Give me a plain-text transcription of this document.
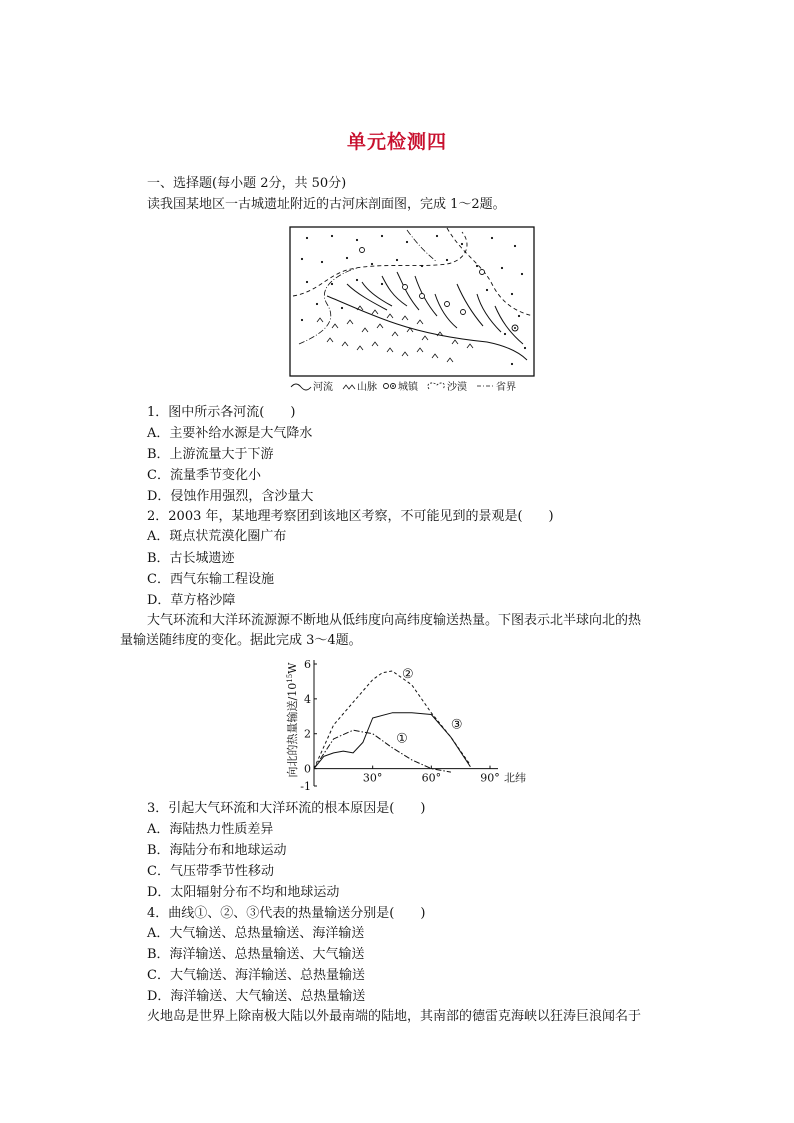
单元检测四
一、选择题(每小题 2分，共 50分)
读我国某地区一古城遗址附近的古河床剖面图，完成 1～2题。
河流 山脉 城镇	沙漠	省界
1．图中所示各河流(　　)
A．主要补给水源是大气降水
B．上游流量大于下游
C．流量季节变化小
D．侵蚀作用强烈，含沙量大
2．2003 年，某地理考察团到该地区考察，不可能见到的景观是(　　)
A．斑点状荒漠化圈广布
B．古长城遗迹
C．西气东输工程设施
D．草方格沙障
大气环流和大洋环流源源不断地从低纬度向高纬度输送热量。下图表示北半球向北的热
量输送随纬度的变化。据此完成 3～4题。
向北的热量输送$/10^{15}W$ 6
4
2
0
-1
30°	60°	90° 北纬
①
②
③
3．引起大气环流和大洋环流的根本原因是(　　)
A．海陆热力性质差异
B．海陆分布和地球运动
C．气压带季节性移动
D．太阳辐射分布不均和地球运动
4．曲线①、②、③代表的热量输送分别是(　　)
A．大气输送、总热量输送、海洋输送
B．海洋输送、总热量输送、大气输送
C．大气输送、海洋输送、总热量输送
D．海洋输送、大气输送、总热量输送
火地岛是世界上除南极大陆以外最南端的陆地，其南部的德雷克海峡以狂涛巨浪闻名于
